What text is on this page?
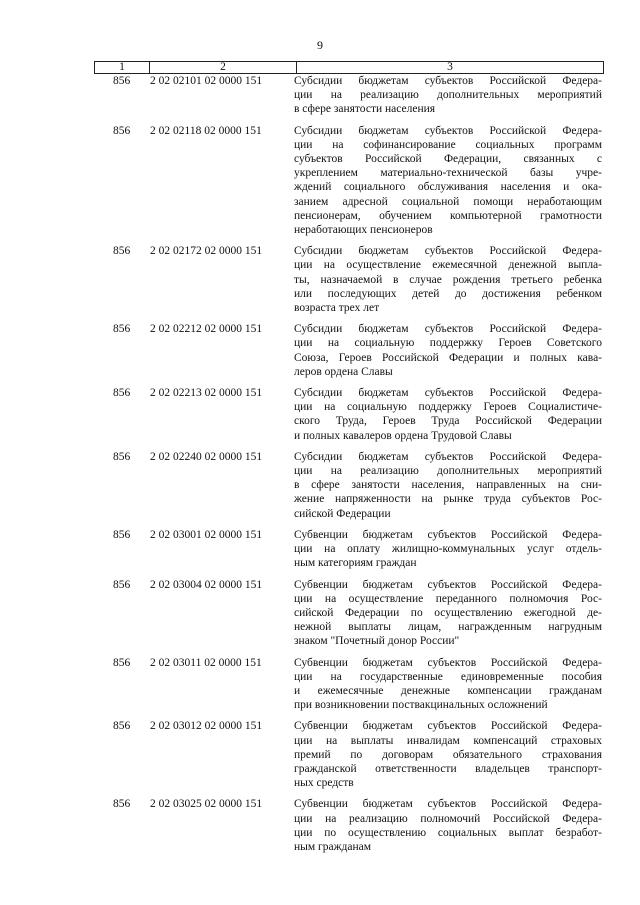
9
1	2	3
856	2 02 02101 02 0000 151	Субсидии бюджетам субъектов Российской Федера-
ции на реализацию дополнительных мероприятий
в сфере занятости населения
856	2 02 02118 02 0000 151	Субсидии бюджетам субъектов Российской Федера-
ции на софинансирование социальных программ
субъектов Российской Федерации, связанных с
укреплением материально-технической базы учре-
ждений социального обслуживания населения и ока-
занием адресной социальной помощи неработающим
пенсионерам, обучением компьютерной грамотности
неработающих пенсионеров
856	2 02 02172 02 0000 151	Субсидии бюджетам субъектов Российской Федера-
ции на осуществление ежемесячной денежной выпла-
ты, назначаемой в случае рождения третьего ребенка
или последующих детей до достижения ребенком
возраста трех лет
856	2 02 02212 02 0000 151	Субсидии бюджетам субъектов Российской Федера-
ции на социальную поддержку Героев Советского
Союза, Героев Российской Федерации и полных кава-
леров ордена Славы
856	2 02 02213 02 0000 151	Субсидии бюджетам субъектов Российской Федера-
ции на социальную поддержку Героев Социалистиче-
ского Труда, Героев Труда Российской Федерации
и полных кавалеров ордена Трудовой Славы
856	2 02 02240 02 0000 151	Субсидии бюджетам субъектов Российской Федера-
ции на реализацию дополнительных мероприятий
в сфере занятости населения, направленных на сни-
жение напряженности на рынке труда субъектов Рос-
сийской Федерации
856	2 02 03001 02 0000 151	Субвенции бюджетам субъектов Российской Федера-
ции на оплату жилищно-коммунальных услуг отдель-
ным категориям граждан
856	2 02 03004 02 0000 151	Субвенции бюджетам субъектов Российской Федера-
ции на осуществление переданного полномочия Рос-
сийской Федерации по осуществлению ежегодной де-
нежной выплаты лицам, награжденным нагрудным
знаком "Почетный донор России"
856	2 02 03011 02 0000 151	Субвенции бюджетам субъектов Российской Федера-
ции на государственные единовременные пособия
и ежемесячные денежные компенсации гражданам
при возникновении поствакцинальных осложнений
856	2 02 03012 02 0000 151	Субвенции бюджетам субъектов Российской Федера-
ции на выплаты инвалидам компенсаций страховых
премий по договорам обязательного страхования
гражданской ответственности владельцев транспорт-
ных средств
856	2 02 03025 02 0000 151	Субвенции бюджетам субъектов Российской Федера-
ции на реализацию полномочий Российской Федера-
ции по осуществлению социальных выплат безработ-
ным гражданам
